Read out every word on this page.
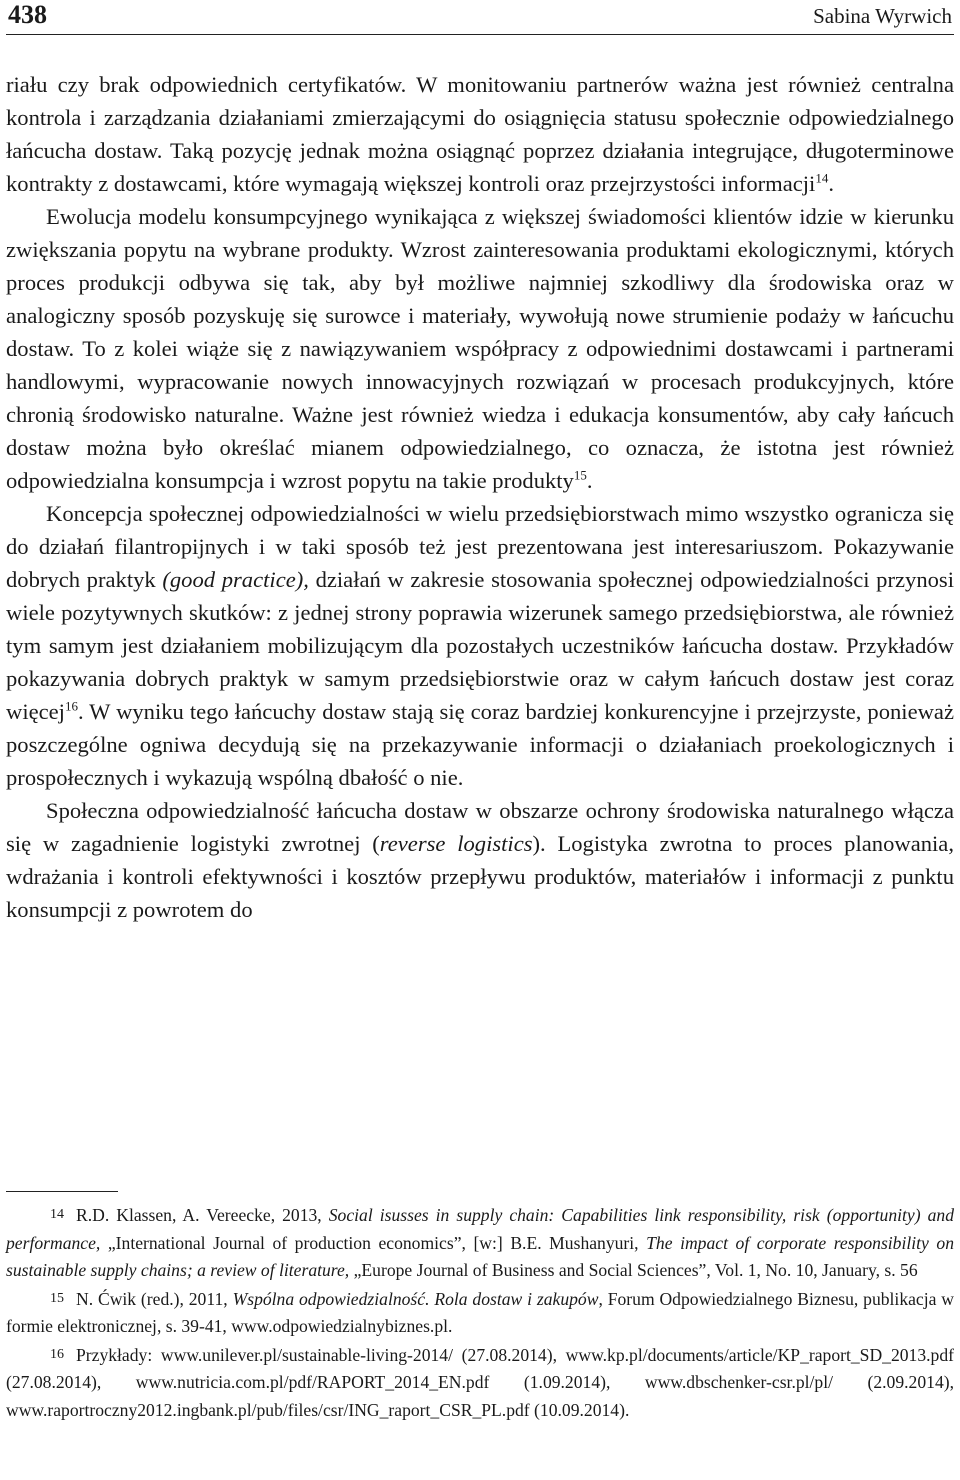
438	Sabina Wyrwich

riału czy brak odpowiednich certyfikatów. W monitowaniu partnerów ważna jest również centralna kontrola i zarządzania działaniami zmierzającymi do osiągnięcia statusu społecznie odpowiedzialnego łańcucha dostaw. Taką pozycję jednak można osiągnąć poprzez działania integrujące, długoterminowe kontrakty z dostawcami, które wymagają większej kontroli oraz przejrzystości informacji$^{14}$.

Ewolucja modelu konsumpcyjnego wynikająca z większej świadomości klientów idzie w kierunku zwiększania popytu na wybrane produkty. Wzrost zainteresowania produktami ekologicznymi, których proces produkcji odbywa się tak, aby był możliwe najmniej szkodliwy dla środowiska oraz w analogiczny sposób pozyskuję się surowce i materiały, wywołują nowe strumienie podaży w łańcuchu dostaw. To z kolei wiąże się z nawiązywaniem współpracy z odpowiednimi dostawcami i partnerami handlowymi, wypracowanie nowych innowacyjnych rozwiązań w procesach produkcyjnych, które chronią środowisko naturalne. Ważne jest również wiedza i edukacja konsumentów, aby cały łańcuch dostaw można było określać mianem odpowiedzialnego, co oznacza, że istotna jest również odpowiedzialna konsumpcja i wzrost popytu na takie produkty$^{15}$.

Koncepcja społecznej odpowiedzialności w wielu przedsiębiorstwach mimo wszystko ogranicza się do działań filantropijnych i w taki sposób też jest prezentowana jest interesariuszom. Pokazywanie dobrych praktyk (good practice), działań w zakresie stosowania społecznej odpowiedzialności przynosi wiele pozytywnych skutków: z jednej strony poprawia wizerunek samego przedsiębiorstwa, ale również tym samym jest działaniem mobilizującym dla pozostałych uczestników łańcucha dostaw. Przykładów pokazywania dobrych praktyk w samym przedsiębiorstwie oraz w całym łańcuch dostaw jest coraz więcej$^{16}$. W wyniku tego łańcuchy dostaw stają się coraz bardziej konkurencyjne i przejrzyste, ponieważ poszczególne ogniwa decydują się na przekazywanie informacji o działaniach proekologicznych i prospołecznych i wykazują wspólną dbałość o nie.

Społeczna odpowiedzialność łańcucha dostaw w obszarze ochrony środowiska naturalnego włącza się w zagadnienie logistyki zwrotnej (reverse logistics). Logistyka zwrotna to proces planowania, wdrażania i kontroli efektywności i kosztów przepływu produktów, materiałów i informacji z punktu konsumpcji z powrotem do

14 R.D. Klassen, A. Vereecke, 2013, Social isusses in supply chain: Capabilities link responsibility, risk (opportunity) and performance, „International Journal of production economics”, [w:] B.E. Mushanyuri, The impact of corporate responsibility on sustainable supply chains; a review of literature, „Europe Journal of Business and Social Sciences”, Vol. 1, No. 10, January, s. 56

15 N. Ćwik (red.), 2011, Wspólna odpowiedzialność. Rola dostaw i zakupów, Forum Odpowiedzialnego Biznesu, publikacja w formie elektronicznej, s. 39-41, www.odpowiedzialnybiznes.pl.

16 Przykłady: www.unilever.pl/sustainable-living-2014/ (27.08.2014), www.kp.pl/documents/article/KP_raport_SD_2013.pdf (27.08.2014), www.nutricia.com.pl/pdf/RAPORT_2014_EN.pdf (1.09.2014), www.dbschenker-csr.pl/pl/ (2.09.2014), www.raportroczny2012.ingbank.pl/pub/files/csr/ING_raport_CSR_PL.pdf (10.09.2014).
